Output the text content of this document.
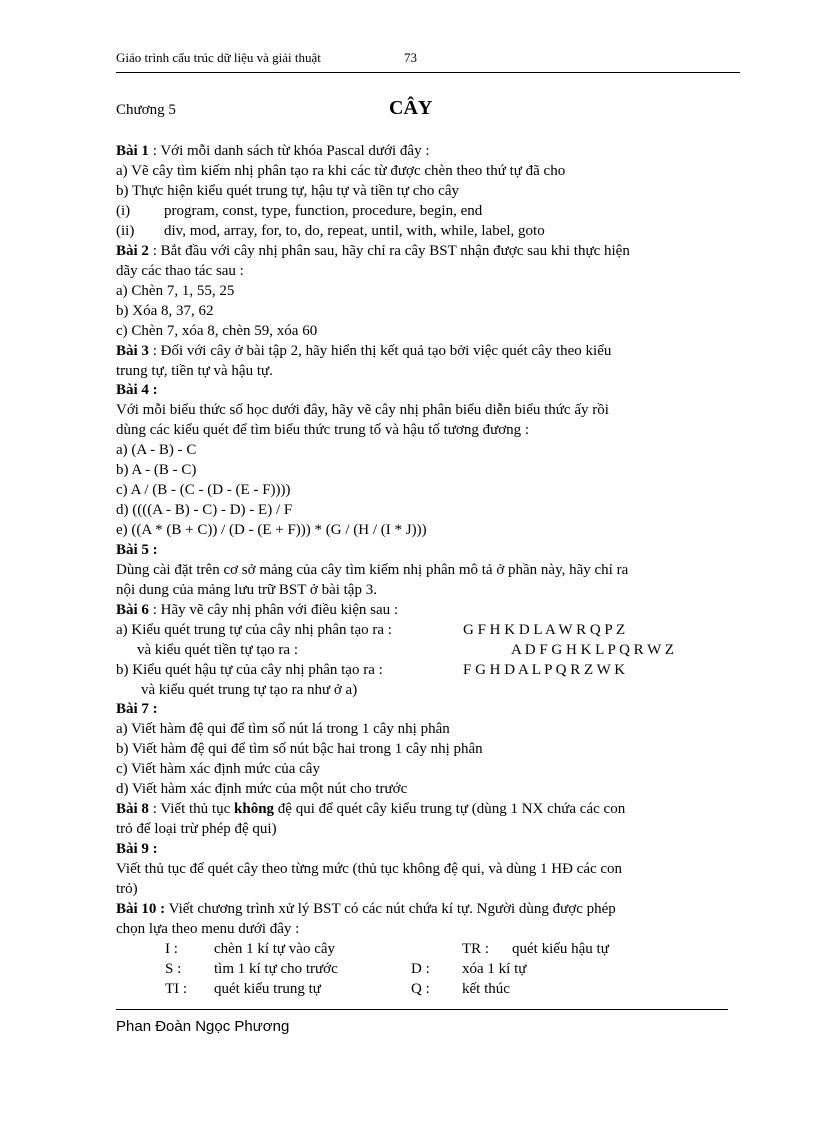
Giáo trình cấu trúc dữ liệu và giải thuật	73
Chương 5	CÂY
Bài 1 : Với mỗi danh sách từ khóa Pascal dưới đây :
a) Vẽ cây tìm kiếm nhị phân tạo ra khi các từ được chèn theo thứ tự đã cho
b) Thực hiện kiểu quét trung tự, hậu tự và tiền tự cho cây
(i) program, const, type, function, procedure, begin, end
(ii) div, mod, array, for, to, do, repeat, until, with, while, label, goto
Bài 2 : Bắt đầu với cây nhị phân sau, hãy chỉ ra cây BST nhận được sau khi thực hiện
dãy các thao tác sau :
a) Chèn 7, 1, 55, 25
b) Xóa 8, 37, 62
c) Chèn 7, xóa 8, chèn 59, xóa 60
Bài 3 : Đối với cây ở bài tập 2, hãy hiển thị kết quả tạo bởi việc quét cây theo kiểu
trung tự, tiền tự và hậu tự.
Bài 4 :
Với mỗi biểu thức số học dưới đây, hãy vẽ cây nhị phân biểu diễn biểu thức ấy rồi
dùng các kiểu quét để tìm biểu thức trung tố và hậu tố tương đương :
a) (A - B) - C
b) A - (B - C)
c) A / (B - (C - (D - (E - F))))
d) ((((A - B) - C) - D) - E) / F
e) ((A * (B + C)) / (D - (E + F))) * (G / (H / (I * J)))
Bài 5 :
Dùng cài đặt trên cơ sở mảng của cây tìm kiếm nhị phân mô tả ở phần này, hãy chỉ ra
nội dung của mảng lưu trữ BST ở bài tập 3.
Bài 6 : Hãy vẽ cây nhị phân với điều kiện sau :
a) Kiểu quét trung tự của cây nhị phân tạo ra :	G F H K D L A W R Q P Z
và kiểu quét tiền tự tạo ra :	A D F G H K L P Q R W Z
b) Kiểu quét hậu tự của cây nhị phân tạo ra :	F G H D A L P Q R Z W K
và kiểu quét trung tự tạo ra như ở a)
Bài 7 :
a) Viết hàm đệ qui để tìm số nút lá trong 1 cây nhị phân
b) Viết hàm đệ qui để tìm số nút bậc hai trong 1 cây nhị phân
c) Viết hàm xác định mức của cây
d) Viết hàm xác định mức của một nút cho trước
Bài 8 : Viết thủ tục không đệ qui để quét cây kiểu trung tự (dùng 1 NX chứa các con
trỏ để loại trừ phép đệ qui)
Bài 9 :
Viết thủ tục để quét cây theo từng mức (thủ tục không đệ qui, và dùng 1 HĐ các con
trỏ)
Bài 10 : Viết chương trình xử lý BST có các nút chứa kí tự. Người dùng được phép
chọn lựa theo menu dưới đây :
I : chèn 1 kí tự vào cây	TR : quét kiểu hậu tự
S : tìm 1 kí tự cho trước	D : xóa 1 kí tự
TI : quét kiểu trung tự	Q : kết thúc
Phan Đoàn Ngọc Phương
